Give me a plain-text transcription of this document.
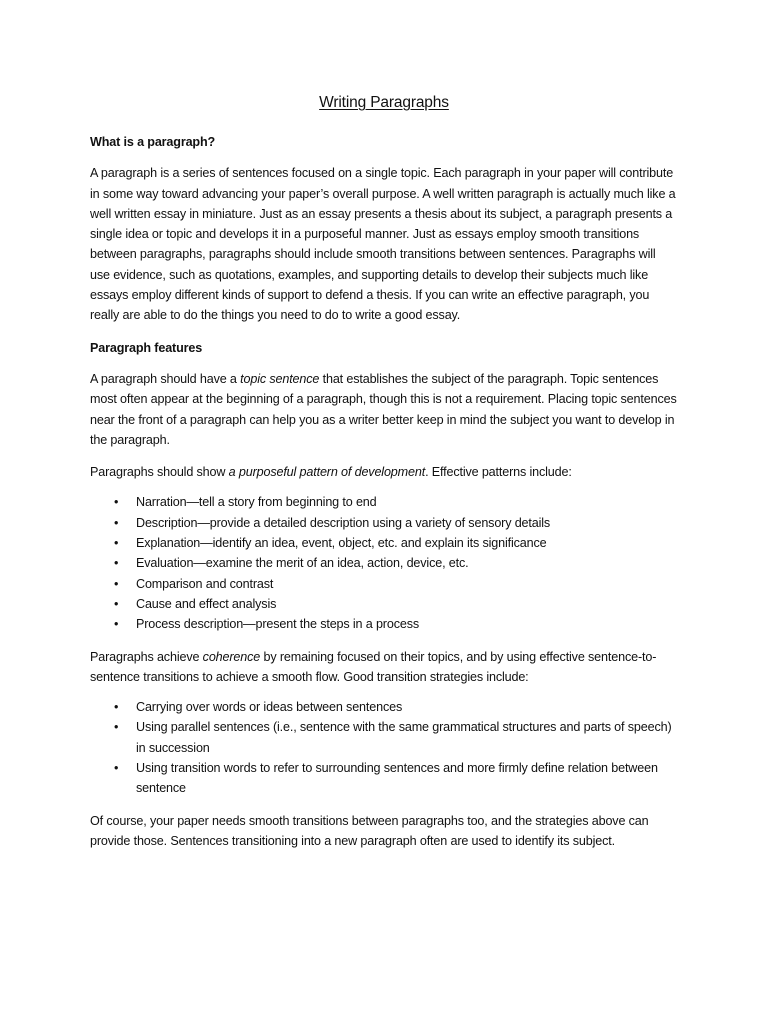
Writing Paragraphs
What is a paragraph?

A paragraph is a series of sentences focused on a single topic. Each paragraph in your paper will contribute in some way toward advancing your paper’s overall purpose. A well written paragraph is actually much like a well written essay in miniature. Just as an essay presents a thesis about its subject, a paragraph presents a single idea or topic and develops it in a purposeful manner. Just as essays employ smooth transitions between paragraphs, paragraphs should include smooth transitions between sentences. Paragraphs will use evidence, such as quotations, examples, and supporting details to develop their subjects much like essays employ different kinds of support to defend a thesis. If you can write an effective paragraph, you really are able to do the things you need to do to write a good essay.

Paragraph features

A paragraph should have a topic sentence that establishes the subject of the paragraph. Topic sentences most often appear at the beginning of a paragraph, though this is not a requirement. Placing topic sentences near the front of a paragraph can help you as a writer better keep in mind the subject you want to develop in the paragraph.

Paragraphs should show a purposeful pattern of development. Effective patterns include:

• Narration—tell a story from beginning to end
• Description—provide a detailed description using a variety of sensory details
• Explanation—identify an idea, event, object, etc. and explain its significance
• Evaluation—examine the merit of an idea, action, device, etc.
• Comparison and contrast
• Cause and effect analysis
• Process description—present the steps in a process

Paragraphs achieve coherence by remaining focused on their topics, and by using effective sentence-to-sentence transitions to achieve a smooth flow. Good transition strategies include:

• Carrying over words or ideas between sentences
• Using parallel sentences (i.e., sentence with the same grammatical structures and parts of speech) in succession
• Using transition words to refer to surrounding sentences and more firmly define relation between sentence

Of course, your paper needs smooth transitions between paragraphs too, and the strategies above can provide those. Sentences transitioning into a new paragraph often are used to identify its subject.
